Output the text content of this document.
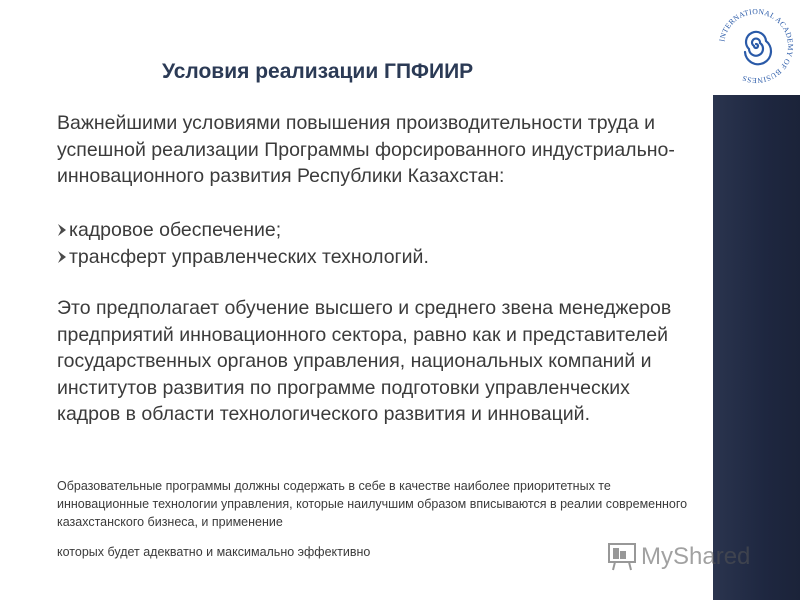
INTERNATIONAL ACADEMY OF BUSINESS
Условия реализации ГПФИИР

Важнейшими условиями повышения производительности труда и успешной реализации Программы форсированного индустриально-инновационного развития Республики Казахстан:

кадровое обеспечение;
трансферт управленческих технологий.

Это предполагает обучение высшего и среднего звена менеджеров предприятий инновационного сектора, равно как и представителей государственных органов управления, национальных компаний и институтов развития по программе подготовки управленческих кадров в области технологического развития и инноваций.

Образовательные программы должны содержать в себе в качестве наиболее приоритетных те инновационные технологии управления, которые наилучшим образом вписываются в реалии современного казахстанского бизнеса, и применение

которых будет адекватно и максимально эффективно	MyShared
